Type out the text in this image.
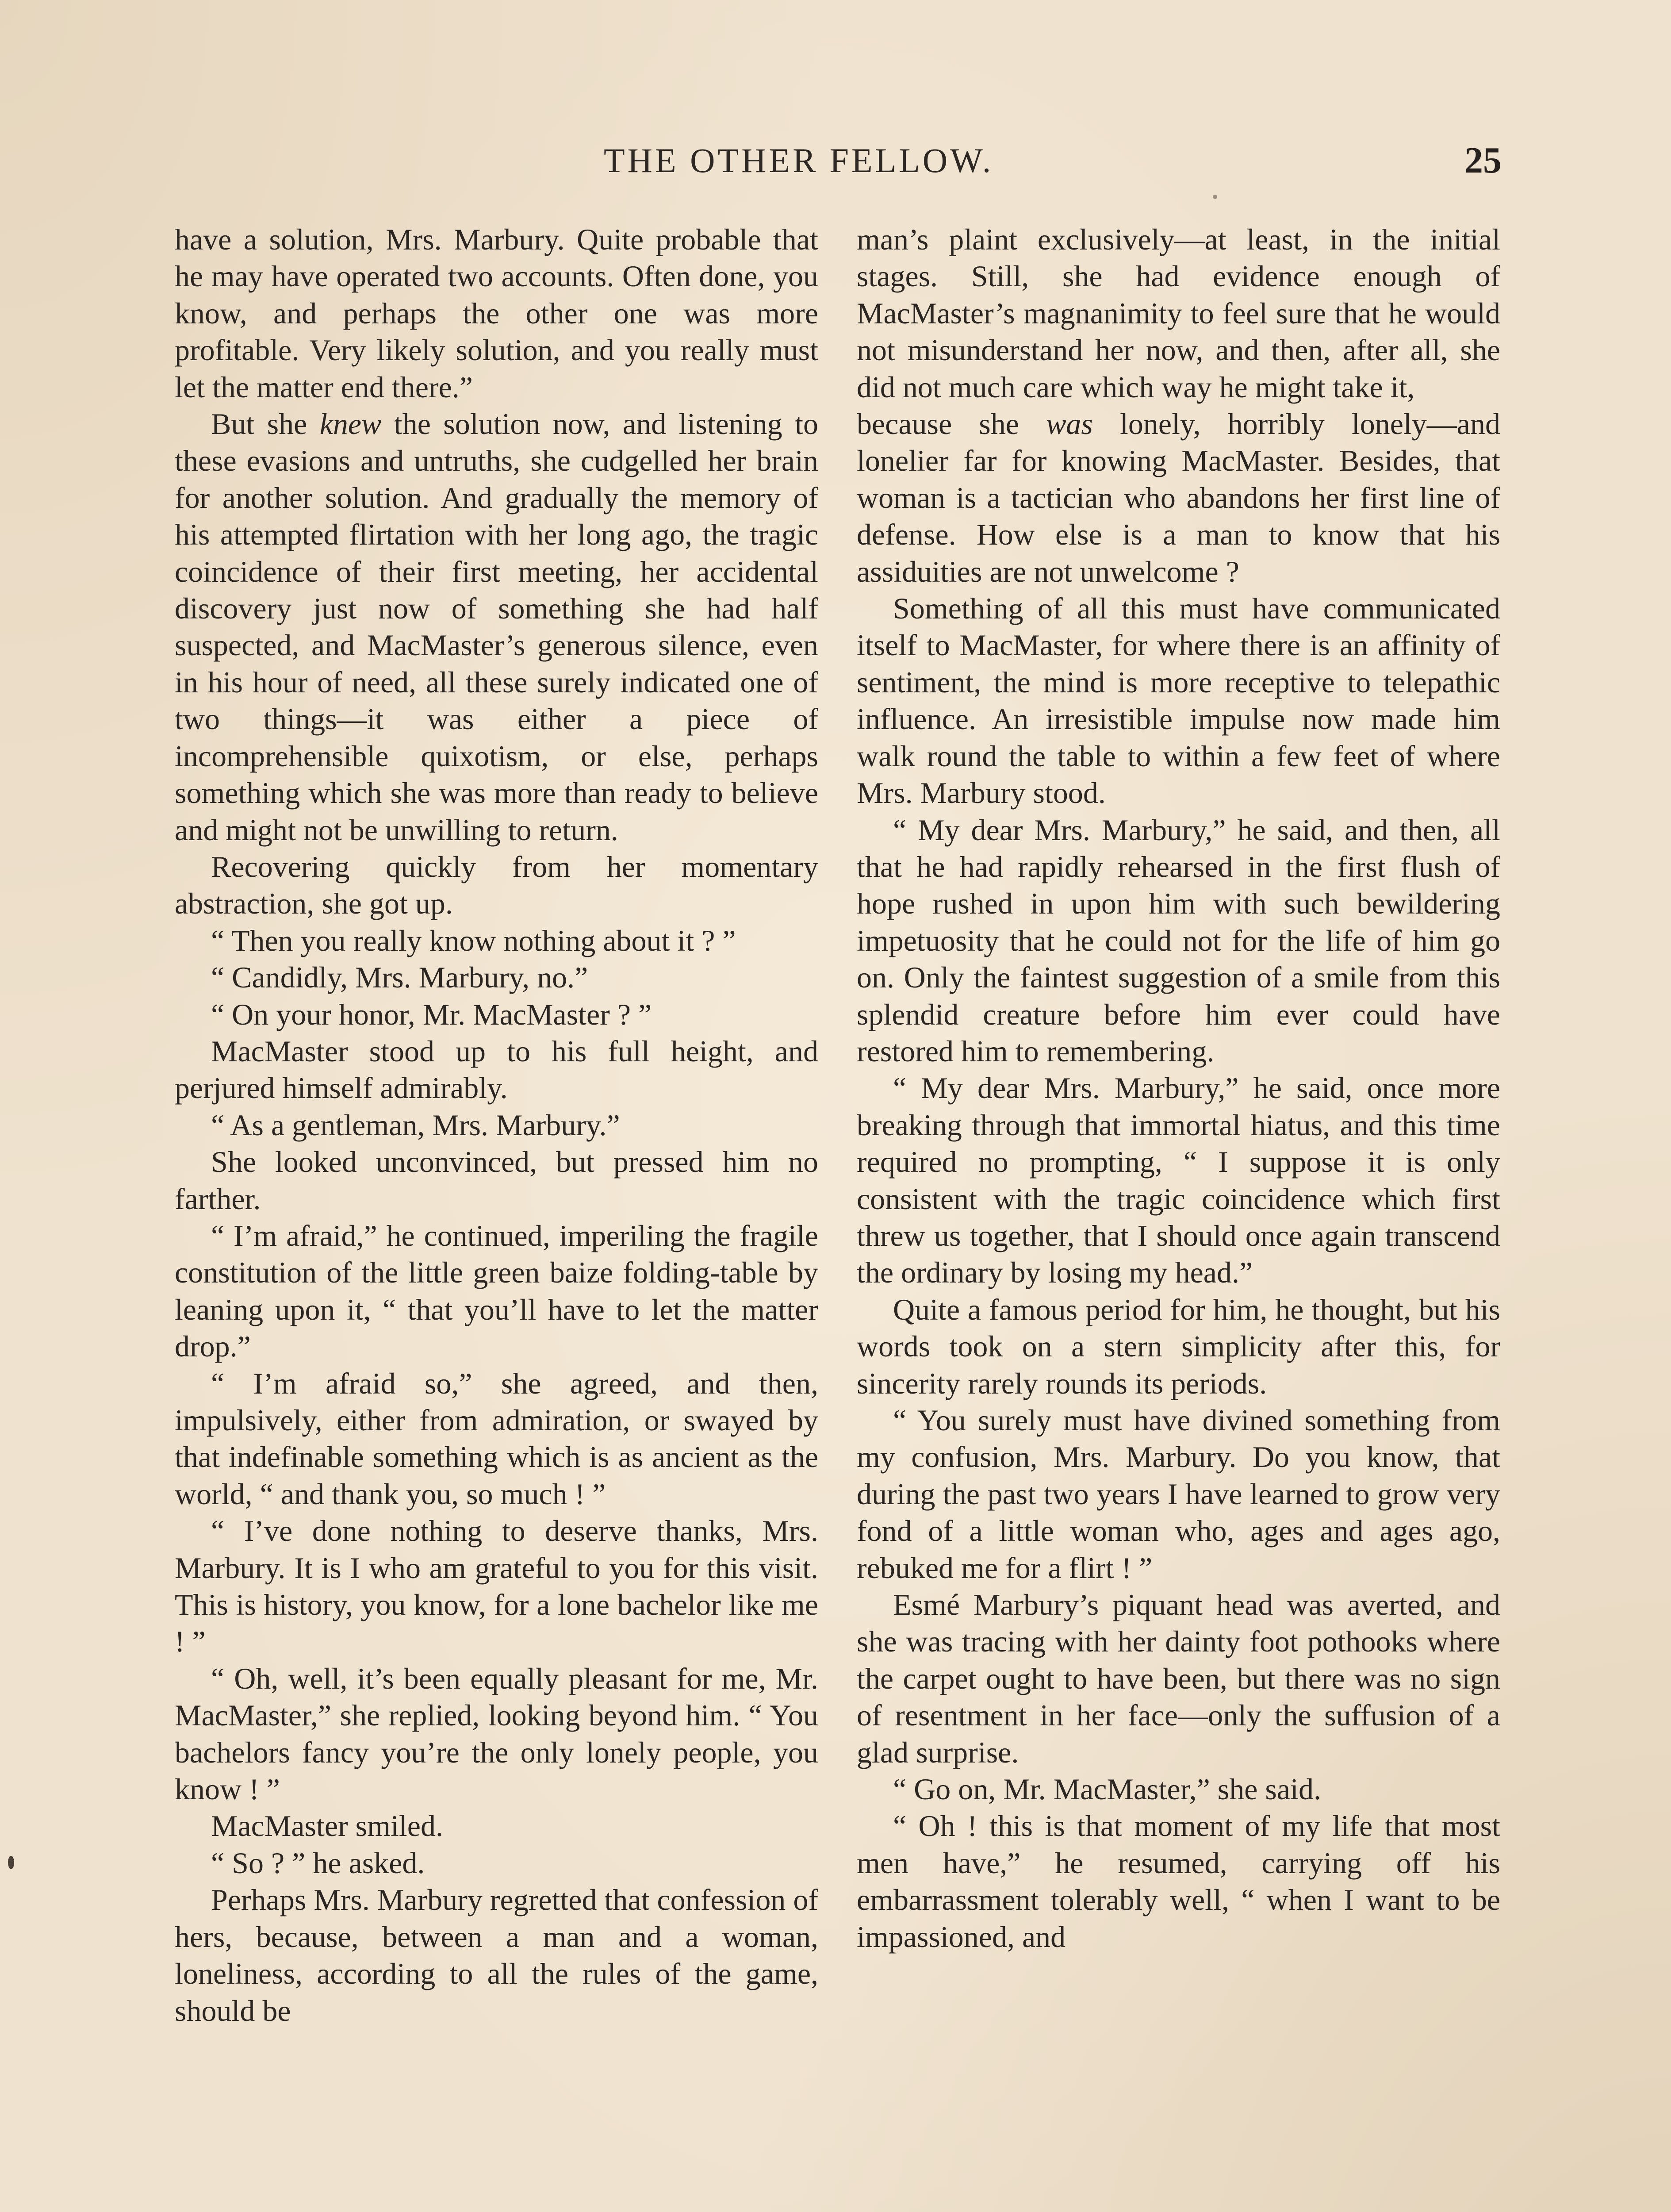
THE OTHER FELLOW.	25

have a solution, Mrs. Marbury. Quite probable that he may have operated two accounts. Often done, you know, and perhaps the other one was more profitable. Very likely solution, and you really must let the matter end there.”

But she knew the solution now, and listening to these evasions and untruths, she cudgelled her brain for another solution. And gradually the memory of his attempted flirtation with her long ago, the tragic coincidence of their first meeting, her accidental discovery just now of something she had half suspected, and MacMaster’s generous silence, even in his hour of need, all these surely indicated one of two things—it was either a piece of incomprehensible quixotism, or else, perhaps something which she was more than ready to believe and might not be unwilling to return.

Recovering quickly from her momentary abstraction, she got up.

“ Then you really know nothing about it ? ”

“ Candidly, Mrs. Marbury, no.”

“ On your honor, Mr. MacMaster ? ”

MacMaster stood up to his full height, and perjured himself admirably.

“ As a gentleman, Mrs. Marbury.”

She looked unconvinced, but pressed him no farther.

“ I’m afraid,” he continued, imperiling the fragile constitution of the little green baize folding-table by leaning upon it, “ that you’ll have to let the matter drop.”

“ I’m afraid so,” she agreed, and then, impulsively, either from admiration, or swayed by that indefinable something which is as ancient as the world, “ and thank you, so much ! ”

“ I’ve done nothing to deserve thanks, Mrs. Marbury. It is I who am grateful to you for this visit. This is history, you know, for a lone bachelor like me ! ”

“ Oh, well, it’s been equally pleasant for me, Mr. MacMaster,” she replied, looking beyond him. “ You bachelors fancy you’re the only lonely people, you know ! ”

MacMaster smiled.

“ So ? ” he asked.

Perhaps Mrs. Marbury regretted that confession of hers, because, between a man and a woman, loneliness, according to all the rules of the game, should be

man’s plaint exclusively—at least, in the initial stages. Still, she had evidence enough of MacMaster’s magnanimity to feel sure that he would not misunderstand her now, and then, after all, she did not much care which way he might take it,

because she was lonely, horribly lonely—and lonelier far for knowing MacMaster. Besides, that woman is a tactician who abandons her first line of defense. How else is a man to know that his assiduities are not unwelcome ?

Something of all this must have communicated itself to MacMaster, for where there is an affinity of sentiment, the mind is more receptive to telepathic influence. An irresistible impulse now made him walk round the table to within a few feet of where Mrs. Marbury stood.

“ My dear Mrs. Marbury,” he said, and then, all that he had rapidly rehearsed in the first flush of hope rushed in upon him with such bewildering impetuosity that he could not for the life of him go on. Only the faintest suggestion of a smile from this splendid creature before him ever could have restored him to remembering.

“ My dear Mrs. Marbury,” he said, once more breaking through that immortal hiatus, and this time required no prompting, “ I suppose it is only consistent with the tragic coincidence which first threw us together, that I should once again transcend the ordinary by losing my head.”

Quite a famous period for him, he thought, but his words took on a stern simplicity after this, for sincerity rarely rounds its periods.

“ You surely must have divined something from my confusion, Mrs. Marbury. Do you know, that during the past two years I have learned to grow very fond of a little woman who, ages and ages ago, rebuked me for a flirt ! ”

Esmé Marbury’s piquant head was averted, and she was tracing with her dainty foot pothooks where the carpet ought to have been, but there was no sign of resentment in her face—only the suffusion of a glad surprise.

“ Go on, Mr. MacMaster,” she said.

“ Oh ! this is that moment of my life that most men have,” he resumed, carrying off his embarrassment tolerably well, “ when I want to be impassioned, and
